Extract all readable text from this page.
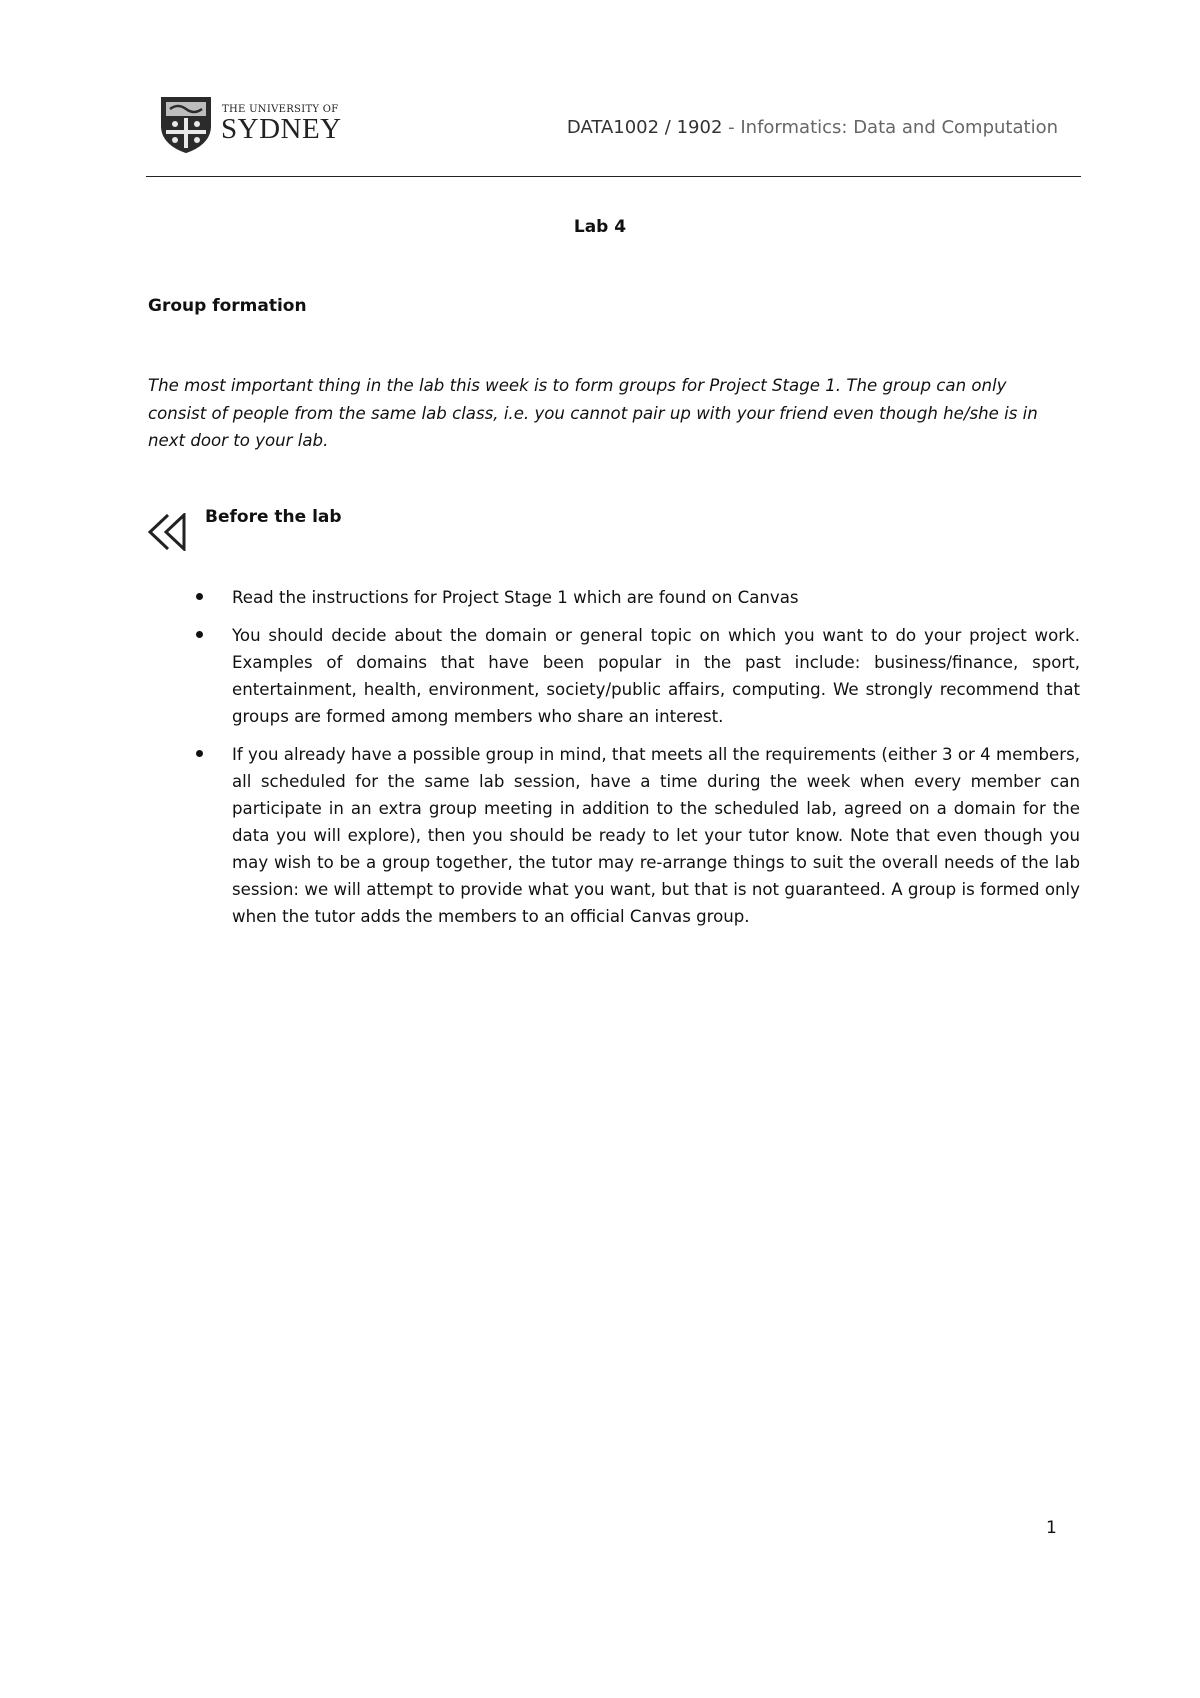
THE UNIVERSITY OF
SYDNEY	DATA1002 / 1902 - Informatics: Data and Computation
Lab 4
Group formation
The most important thing in the lab this week is to form groups for Project Stage 1. The group can only consist of people from the same lab class, i.e. you cannot pair up with your friend even though he/she is in next door to your lab.
Before the lab
Read the instructions for Project Stage 1 which are found on Canvas
You should decide about the domain or general topic on which you want to do your project work. Examples of domains that have been popular in the past include: business/finance, sport, entertainment, health, environment, society/public affairs, computing. We strongly recommend that groups are formed among members who share an interest.
If you already have a possible group in mind, that meets all the requirements (either 3 or 4 members, all scheduled for the same lab session, have a time during the week when every member can participate in an extra group meeting in addition to the scheduled lab, agreed on a domain for the data you will explore), then you should be ready to let your tutor know. Note that even though you may wish to be a group together, the tutor may re-arrange things to suit the overall needs of the lab session: we will attempt to provide what you want, but that is not guaranteed. A group is formed only when the tutor adds the members to an official Canvas group.
1
